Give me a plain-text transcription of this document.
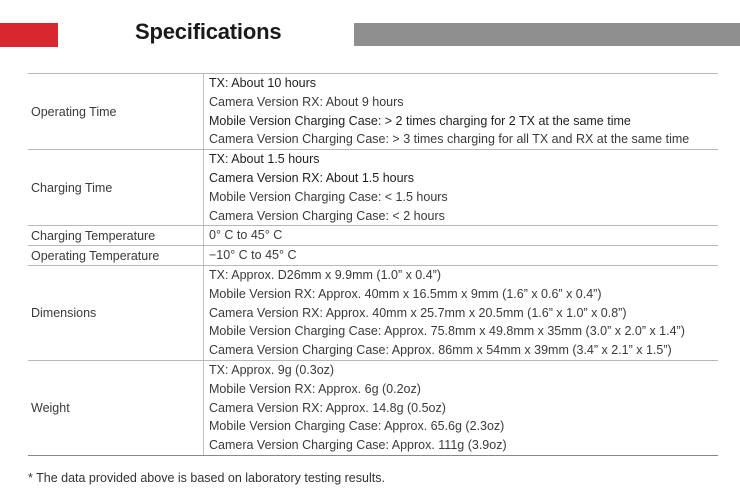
Specifications
Operating Time	TX: About 10 hours
Camera Version RX: About 9 hours
Mobile Version Charging Case: > 2 times charging for 2 TX at the same time
Camera Version Charging Case: > 3 times charging for all TX and RX at the same time

Charging Time	TX: About 1.5 hours
Camera Version RX: About 1.5 hours
Mobile Version Charging Case: < 1.5 hours
Camera Version Charging Case: < 2 hours

Charging Temperature	0° C to 45° C

Operating Temperature	−10° C to 45° C

Dimensions	TX: Approx. D26mm x 9.9mm (1.0” x 0.4”)
Mobile Version RX: Approx. 40mm x 16.5mm x 9mm (1.6” x 0.6” x 0.4”)
Camera Version RX: Approx. 40mm x 25.7mm x 20.5mm (1.6” x 1.0” x 0.8”)
Mobile Version Charging Case: Approx. 75.8mm x 49.8mm x 35mm (3.0” x 2.0” x 1.4”)
Camera Version Charging Case: Approx. 86mm x 54mm x 39mm (3.4” x 2.1” x 1.5”)

Weight	TX: Approx. 9g (0.3oz)
Mobile Version RX: Approx. 6g (0.2oz)
Camera Version RX: Approx. 14.8g (0.5oz)
Mobile Version Charging Case: Approx. 65.6g (2.3oz)
Camera Version Charging Case: Approx. 111g (3.9oz)
* The data provided above is based on laboratory testing results.
